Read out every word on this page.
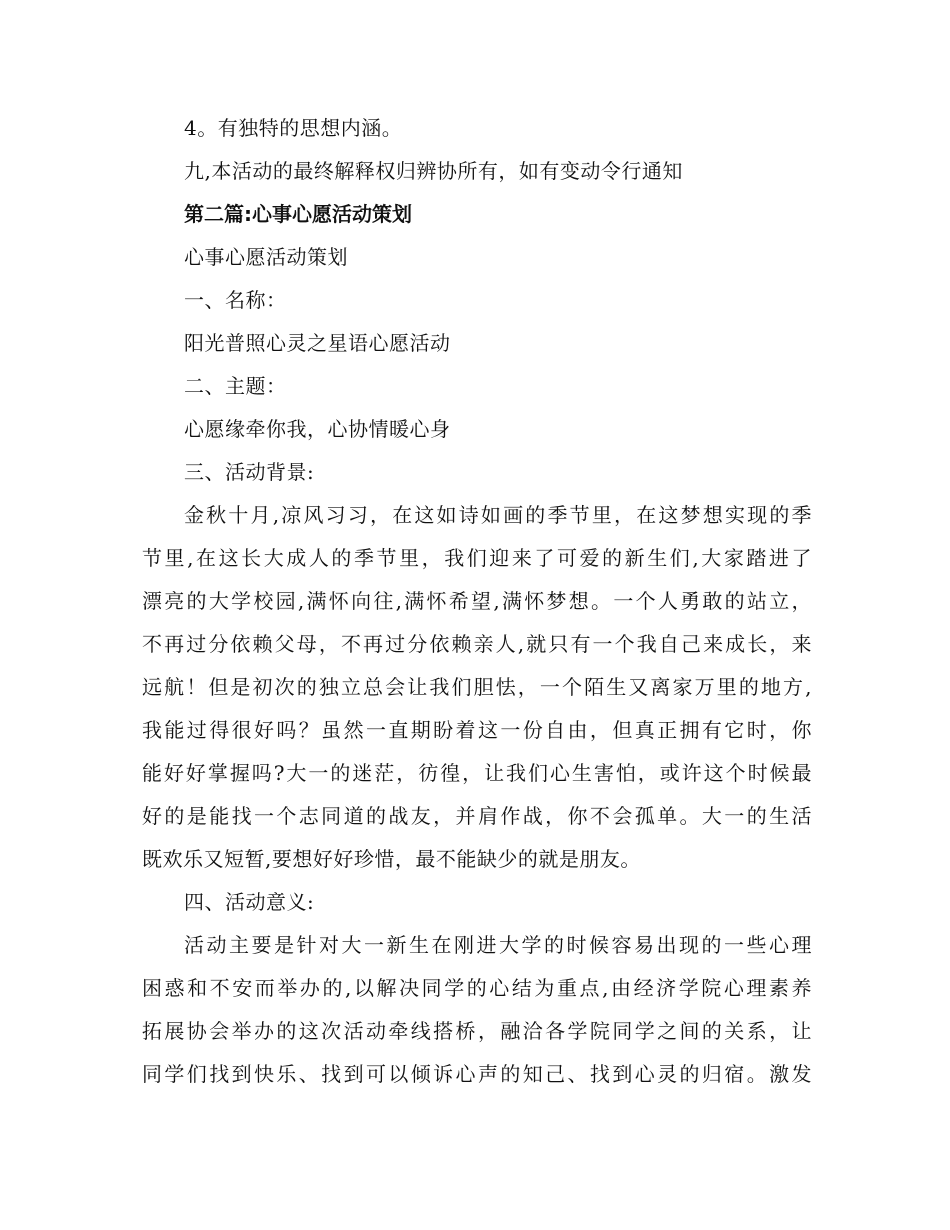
4。有独特的思想内涵。
九,本活动的最终解释权归辨协所有，如有变动令行通知
第二篇:心事心愿活动策划
心事心愿活动策划
一、名称：
阳光普照心灵之星语心愿活动
二、主题：
心愿缘牵你我，心协情暖心身
三、活动背景:
金秋十月,凉风习习，在这如诗如画的季节里，在这梦想实现的季
节里,在这长大成人的季节里，我们迎来了可爱的新生们,大家踏进了
漂亮的大学校园,满怀向往,满怀希望,满怀梦想。一个人勇敢的站立，
不再过分依赖父母，不再过分依赖亲人,就只有一个我自己来成长，来
远航！但是初次的独立总会让我们胆怯，一个陌生又离家万里的地方,
我能过得很好吗？虽然一直期盼着这一份自由，但真正拥有它时，你
能好好掌握吗?大一的迷茫，彷徨，让我们心生害怕，或许这个时候最
好的是能找一个志同道的战友，并肩作战，你不会孤单。大一的生活
既欢乐又短暂,要想好好珍惜，最不能缺少的就是朋友。
四、活动意义:
活动主要是针对大一新生在刚进大学的时候容易出现的一些心理
困惑和不安而举办的,以解决同学的心结为重点,由经济学院心理素养
拓展协会举办的这次活动牵线搭桥，融洽各学院同学之间的关系，让
同学们找到快乐、找到可以倾诉心声的知己、找到心灵的归宿。激发
